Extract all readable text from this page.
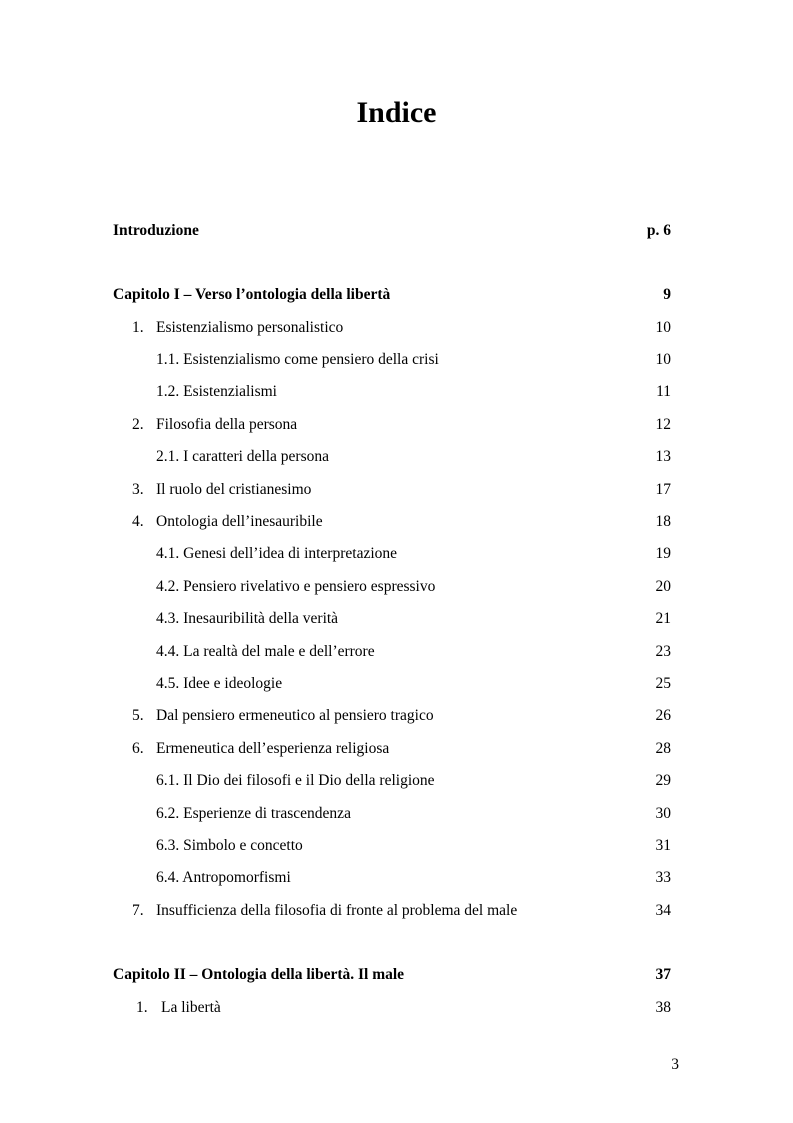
Indice
Introduzione	p. 6
Capitolo I – Verso l’ontologia della libertà	9
1. Esistenzialismo personalistico	10
1.1. Esistenzialismo come pensiero della crisi	10
1.2. Esistenzialismi	11
2. Filosofia della persona	12
2.1. I caratteri della persona	13
3. Il ruolo del cristianesimo	17
4. Ontologia dell’inesauribile	18
4.1. Genesi dell’idea di interpretazione	19
4.2. Pensiero rivelativo e pensiero espressivo	20
4.3. Inesauribilità della verità	21
4.4. La realtà del male e dell’errore	23
4.5. Idee e ideologie	25
5. Dal pensiero ermeneutico al pensiero tragico	26
6. Ermeneutica dell’esperienza religiosa	28
6.1. Il Dio dei filosofi e il Dio della religione	29
6.2. Esperienze di trascendenza	30
6.3. Simbolo e concetto	31
6.4. Antropomorfismi	33
7. Insufficienza della filosofia di fronte al problema del male	34
Capitolo II – Ontologia della libertà. Il male	37
1. La libertà	38
3
